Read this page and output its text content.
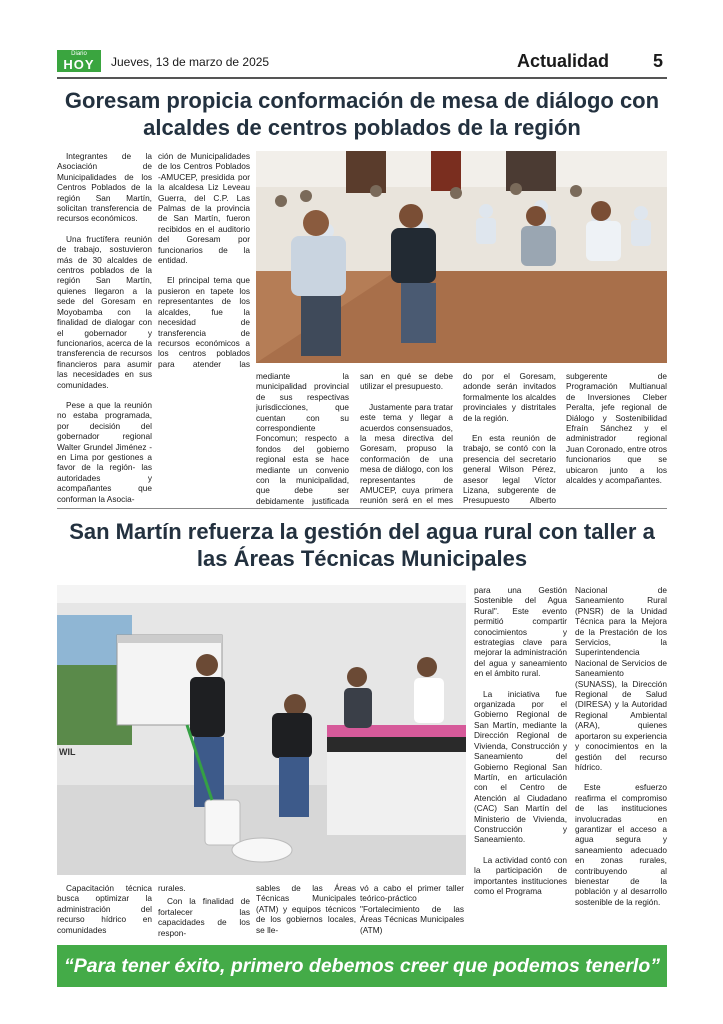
Diario
HOY	Jueves, 13 de marzo de 2025	Actualidad 5
Goresam propicia conformación de mesa de diálogo con alcaldes de centros poblados de la región

Integrantes de la Asociación de Municipalidades de los Centros Poblados de la región San Martín, solicitan transferencia de recursos económicos.

Una fructífera reunión de trabajo, sostuvieron más de 30 alcaldes de centros poblados de la región San Martín, quienes llegaron a la sede del Goresam en Moyobamba con la finalidad de dialogar con el gobernador y funcionarios, acerca de la transferencia de recursos financieros para asumir las necesidades en sus comunidades.

Pese a que la reunión no estaba programada, por decisión del gobernador regional Walter Grundel Jiménez -en Lima por gestiones a favor de la región- las autoridades y acompañantes que conforman la Asocia-

ción de Municipalidades de los Centros Poblados -AMUCEP, presidida por la alcaldesa Liz Leveau Guerra, del C.P. Las Palmas de la provincia de San Martín, fueron recibidos en el auditorio del Goresam por funcionarios de la entidad.

El principal tema que pusieron en tapete los representantes de los alcaldes, fue la necesidad de transferencia de recursos económicos a los centros poblados para atender las

mediante la municipalidad provincial de sus respectivas jurisdicciones, que cuentan con su correspondiente Foncomun; respecto a fondos del gobierno regional esta se hace mediante un convenio con la municipalidad, que debe ser debidamente justificada

san en qué se debe utilizar el presupuesto.

Justamente para tratar este tema y llegar a acuerdos consensuados, la mesa directiva del Goresam, propuso la conformación de una mesa de diálogo, con los representantes de AMUCEP, cuya primera reunión será en el mes

do por el Goresam, adonde serán invitados formalmente los alcaldes provinciales y distritales de la región.

En esta reunión de trabajo, se contó con la presencia del secretario general Wilson Pérez, asesor legal Víctor Lizana, subgerente de Presupuesto Alberto

subgerente de Programación Multianual de Inversiones Cleber Peralta, jefe regional de Diálogo y Sostenibilidad Efraín Sánchez y el administrador regional Juan Coronado, entre otros funcionarios que se ubicaron junto a los alcaldes y acompañantes.

San Martín refuerza la gestión del agua rural con taller a las Áreas Técnicas Municipales
WIL

Capacitación técnica busca optimizar la administración del recurso hídrico en comunidades

rurales.

Con la finalidad de fortalecer las capacidades de los respon-

sables de las Áreas Técnicas Municipales (ATM) y equipos técnicos de los gobiernos locales, se lle-

vó a cabo el primer taller teórico-práctico "Fortalecimiento de las Áreas Técnicas Municipales (ATM)

para una Gestión Sostenible del Agua Rural". Este evento permitió compartir conocimientos y estrategias clave para mejorar la administración del agua y saneamiento en el ámbito rural.

La iniciativa fue organizada por el Gobierno Regional de San Martín, mediante la Dirección Regional de Vivienda, Construcción y Saneamiento del Gobierno Regional San Martín, en articulación con el Centro de Atención al Ciudadano (CAC) San Martín del Ministerio de Vivienda, Construcción y Saneamiento.

La actividad contó con la participación de importantes instituciones como el Programa

Nacional de Saneamiento Rural (PNSR) de la Unidad Técnica para la Mejora de la Prestación de los Servicios, la Superintendencia Nacional de Servicios de Saneamiento (SUNASS), la Dirección Regional de Salud (DIRESA) y la Autoridad Regional Ambiental (ARA), quienes aportaron su experiencia y conocimientos en la gestión del recurso hídrico.

Este esfuerzo reafirma el compromiso de las instituciones involucradas en garantizar el acceso a agua segura y saneamiento adecuado en zonas rurales, contribuyendo al bienestar de la población y al desarrollo sostenible de la región.

“Para tener éxito, primero debemos creer que podemos tenerlo”
